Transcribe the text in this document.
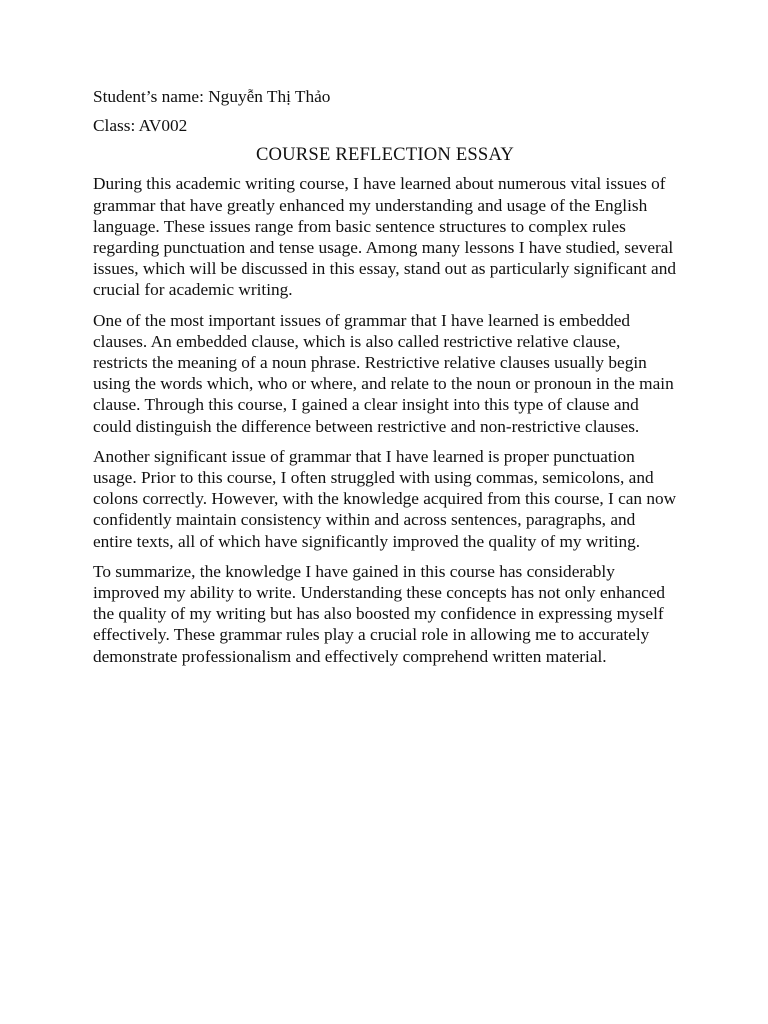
Student’s name: Nguyễn Thị Thảo

Class: AV002

COURSE REFLECTION ESSAY

During this academic writing course, I have learned about numerous vital issues of grammar that have greatly enhanced my understanding and usage of the English language. These issues range from basic sentence structures to complex rules regarding punctuation and tense usage. Among many lessons I have studied, several issues, which will be discussed in this essay, stand out as particularly significant and crucial for academic writing.

One of the most important issues of grammar that I have learned is embedded clauses. An embedded clause, which is also called restrictive relative clause, restricts the meaning of a noun phrase. Restrictive relative clauses usually begin using the words which, who or where, and relate to the noun or pronoun in the main clause. Through this course, I gained a clear insight into this type of clause and could distinguish the difference between restrictive and non-restrictive clauses.

Another significant issue of grammar that I have learned is proper punctuation usage. Prior to this course, I often struggled with using commas, semicolons, and colons correctly. However, with the knowledge acquired from this course, I can now confidently maintain consistency within and across sentences, paragraphs, and entire texts, all of which have significantly improved the quality of my writing.

To summarize, the knowledge I have gained in this course has considerably improved my ability to write. Understanding these concepts has not only enhanced the quality of my writing but has also boosted my confidence in expressing myself effectively. These grammar rules play a crucial role in allowing me to accurately demonstrate professionalism and effectively comprehend written material.
